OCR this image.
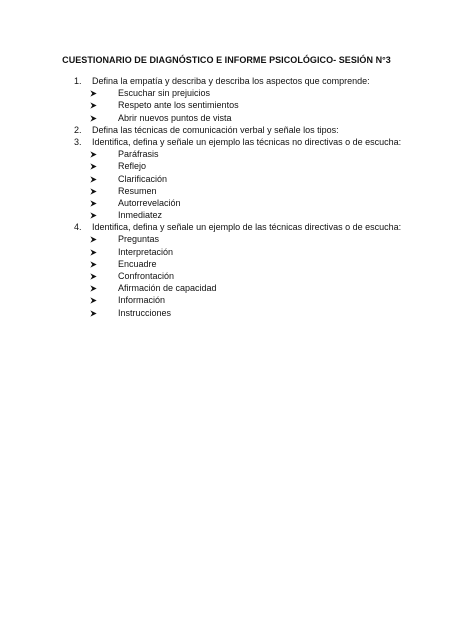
CUESTIONARIO DE DIAGNÓSTICO E INFORME PSICOLÓGICO- SESIÓN N°3
1. Defina la empatía y describa y describa los aspectos que comprende:
Escuchar sin prejuicios
Respeto ante los sentimientos
Abrir nuevos puntos de vista
2. Defina las técnicas de comunicación verbal y señale los tipos:
3. Identifica, defina y señale un ejemplo las técnicas no directivas o de escucha:
Paráfrasis
Reflejo
Clarificación
Resumen
Autorrevelación
Inmediatez
4. Identifica, defina y señale un ejemplo de las técnicas directivas o de escucha:
Preguntas
Interpretación
Encuadre
Confrontación
Afirmación de capacidad
Información
Instrucciones
